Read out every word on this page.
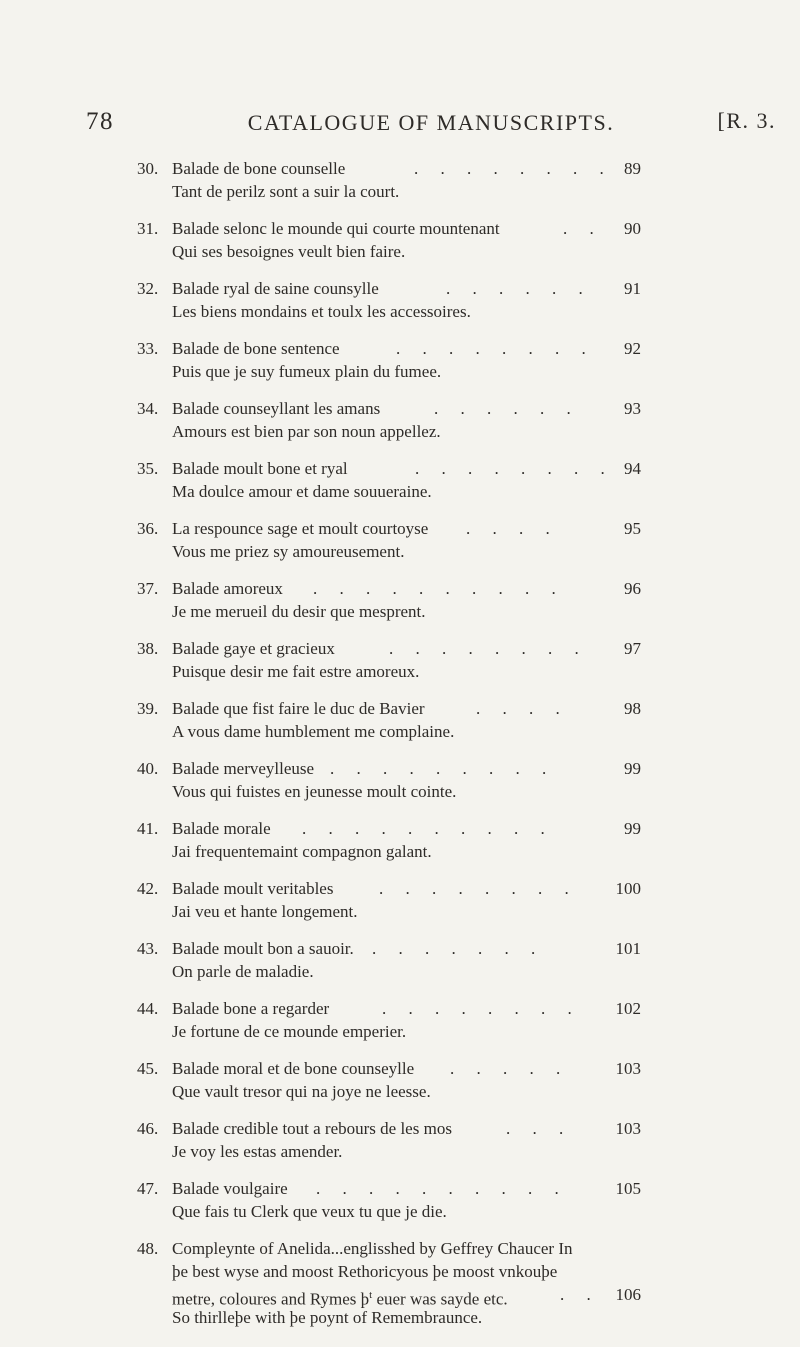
78	CATALOGUE OF MANUSCRIPTS.	[R. 3.
30. Balade de bone counselle	. . . . . . . . 89
Tant de perilz sont a suir la court.
31. Balade selonc le mounde qui courte mountenant	. . 90
Qui ses besoignes veult bien faire.
32. Balade ryal de saine counsylle	. . . . . . 91
Les biens mondains et toulx les accessoires.
33. Balade de bone sentence	. . . . . . . . 92
Puis que je suy fumeux plain du fumee.
34. Balade counseyllant les amans	. . . . . .	93
Amours est bien par son noun appellez.
35. Balade moult bone et ryal	. . . . . . . . 94
Ma doulce amour et dame souueraine.
36. La respounce sage et moult courtoyse . . . .	95
Vous me priez sy amoureusement.
37. Balade amoreux . . . . . . . . . .	96
Je me merueil du desir que mesprent.
38. Balade gaye et gracieux	. . . . . . . . 97
Puisque desir me fait estre amoreux.
39. Balade que fist faire le duc de Bavier	. . . .	98
A vous dame humblement me complaine.
40. Balade merveylleuse . . . . . . . . .	99
Vous qui fuistes en jeunesse moult cointe.
41. Balade morale . . . . . . . . . .	99
Jai frequentemaint compagnon galant.
42. Balade moult veritables	. . . . . . . . 100
Jai veu et hante longement.
43. Balade moult bon a sauoir. . . . . . . .	101
On parle de maladie.
44. Balade bone a regarder	. . . . . . . . 102
Je fortune de ce mounde emperier.
45. Balade moral et de bone counseylle . . . . .	103
Que vault tresor qui na joye ne leesse.
46. Balade credible tout a rebours de les mos	. . .	103
Je voy les estas amender.
47. Balade voulgaire . . . . . . . . . .	105
Que fais tu Clerk que veux tu que je die.
48. Compleynte of Anelida...englisshed by Geffrey Chaucer In
þe best wyse and moost Rethoricyous þe moost vnkouþe
metre, coloures and Rymes $þ^t$ euer was sayde etc.	. . 106
So thirlleþe with þe poynt of Remembraunce.
